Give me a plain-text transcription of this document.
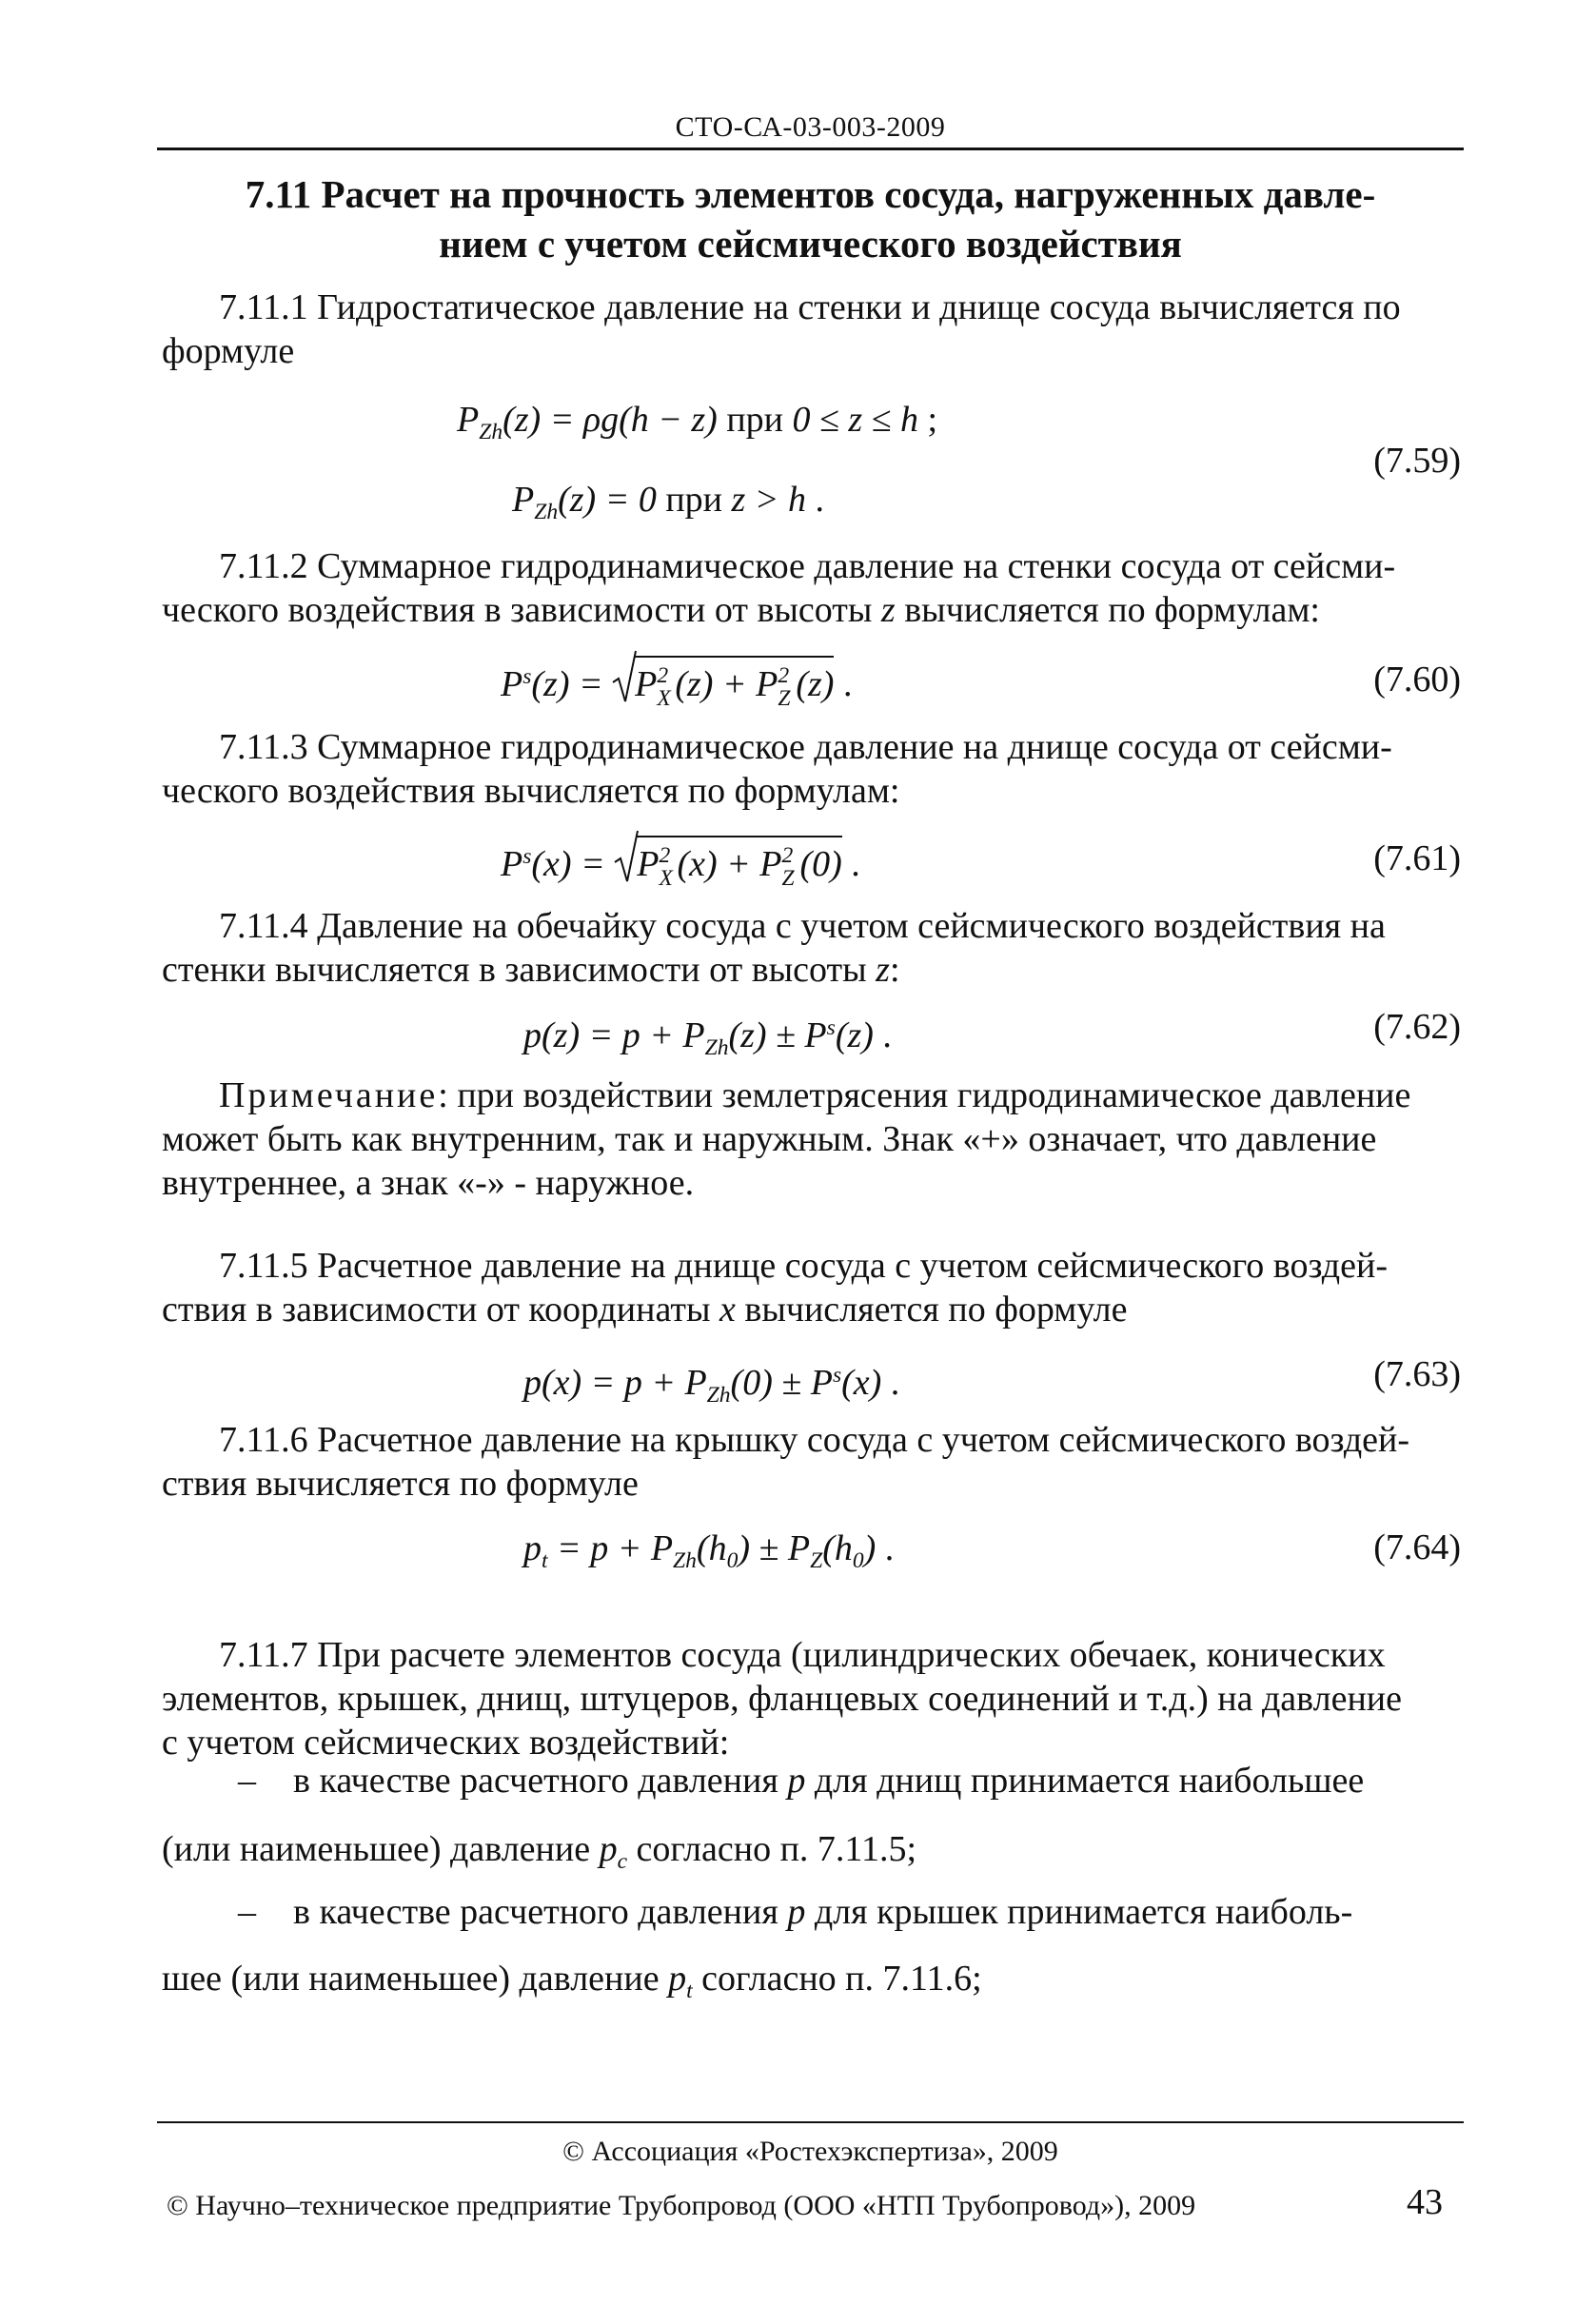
СТО-СА-03-003-2009
7.11 Расчет на прочность элементов сосуда, нагруженных давле-
нием с учетом сейсмического воздействия
7.11.1 Гидростатическое давление на стенки и днище сосуда вычисляется по
формуле
$P_{Zh}(z) = \rho g(h - z)$ при 0 ≤ z ≤ h ;
$P_{Zh}(z) = 0$ при z > h .
(7.59)
7.11.2 Суммарное гидродинамическое давление на стенки сосуда от сейсми-
ческого воздействия в зависимости от высоты z вычисляется по формулам:
$P^s(z) = P$ 2
X (z) + P 2
Z (z) .	(7.60)
7.11.3 Суммарное гидродинамическое давление на днище сосуда от сейсми-
ческого воздействия вычисляется по формулам:
$P^s(x) = P$ 2
X (x) + P 2
Z (0) .	(7.61)
7.11.4 Давление на обечайку сосуда с учетом сейсмического воздействия на
стенки вычисляется в зависимости от высоты z:
$p(z) = p + P_{Zh}(z) \pm P^s(z)$ .	(7.62)
Примечание: при воздействии землетрясения гидродинамическое давление
может быть как внутренним, так и наружным. Знак «+» означает, что давление
внутреннее, а знак «-» - наружное.
7.11.5 Расчетное давление на днище сосуда с учетом сейсмического воздей-
ствия в зависимости от координаты x вычисляется по формуле
$p(x) = p + P_{Zh}(0) \pm P^s(x)$ .	(7.63)
7.11.6 Расчетное давление на крышку сосуда с учетом сейсмического воздей-
ствия вычисляется по формуле
$p_t = p + P_{Zh}(h_0) \pm P_Z(h_0)$ .	(7.64)
7.11.7 При расчете элементов сосуда (цилиндрических обечаек, конических
элементов, крышек, днищ, штуцеров, фланцевых соединений и т.д.) на давление
с учетом сейсмических воздействий:
– в качестве расчетного давления p для днищ принимается наибольшее
(или наименьшее) давление $p_c$ согласно п. 7.11.5;
– в качестве расчетного давления p для крышек принимается наиболь-
шее (или наименьшее) давление $p_t$ согласно п. 7.11.6;
© Ассоциация «Ростехэкспертиза», 2009
© Научно–техническое предприятие Трубопровод (ООО «НТП Трубопровод»), 2009	43
